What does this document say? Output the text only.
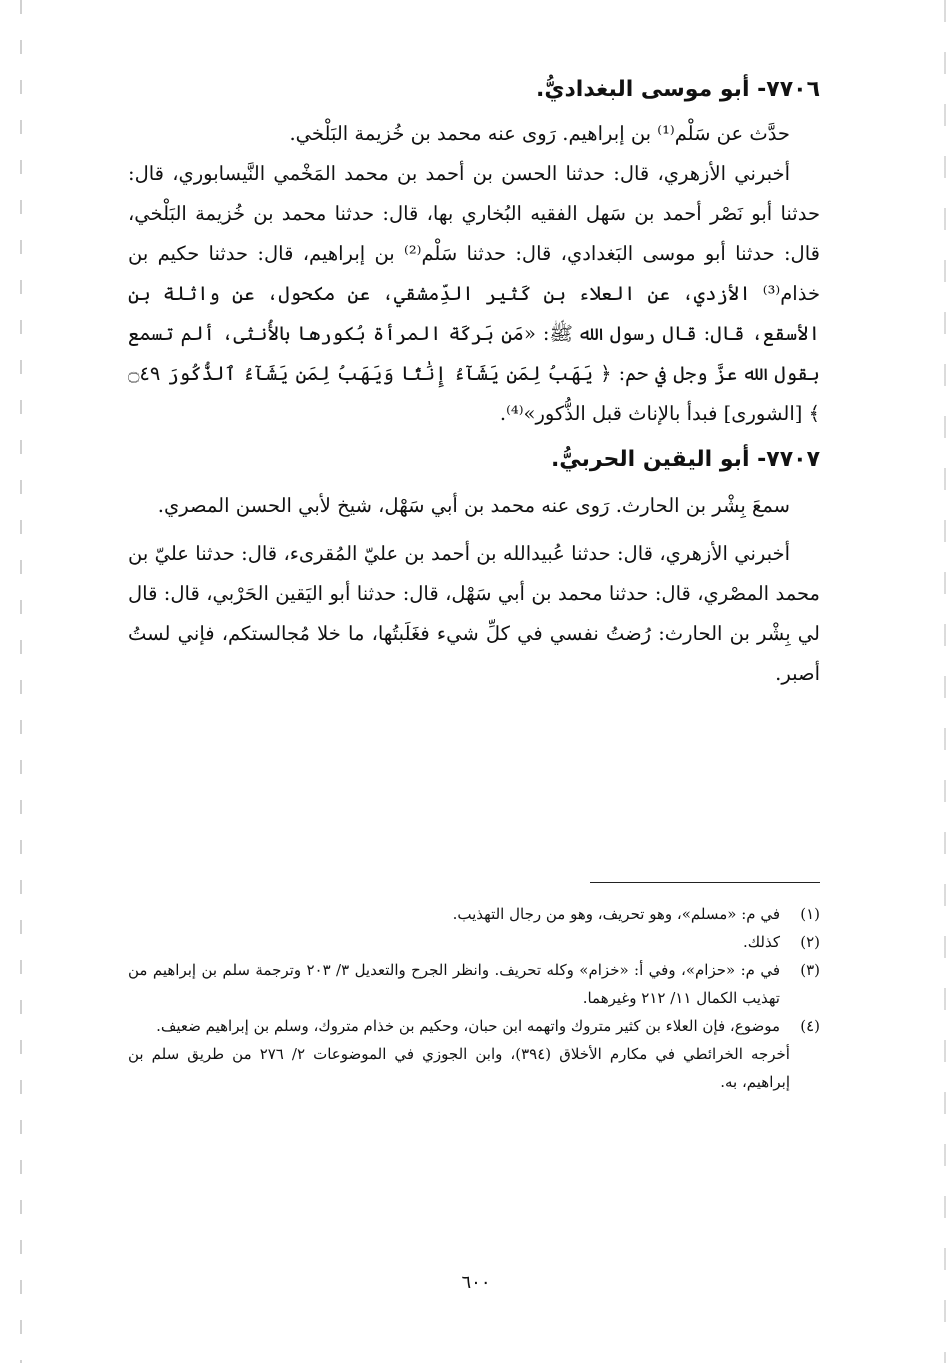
٧٧٠٦- أبو موسى البغداديُّ.

حدَّث عن سَلْم⁽¹⁾ بن إبراهيم. رَوى عنه محمد بن خُزيمة البَلْخي.

أخبرني الأزهري، قال: حدثنا الحسن بن أحمد بن محمد المَخْمي النَّيسابوري، قال: حدثنا أبو نَصْر أحمد بن سَهل الفقيه البُخاري بها، قال: حدثنا محمد بن خُزيمة البَلْخي، قال: حدثنا أبو موسى البَغدادي، قال: حدثنا سَلْم⁽²⁾ بن إبراهيم، قال: حدثنا حكيم بن خذام⁽³⁾ الأزدي، عن العلاء بن كَثير الدِّمشقي، عن مكحول، عن واثلة بن الأسقع، قال: قال رسول الله ﷺ: «مَن بَركَة المرأة بُكورها بالأُنثى، ألم تسمع بقول الله عزَّ وجل في حم: ﴿ يَهَبُ لِمَن يَشَآءُ إِنَٰثًا وَيَهَبُ لِمَن يَشَآءُ ٱلذُّكُورَ ۝٤٩ ﴾ [الشورى] فبدأ بالإناث قبل الذُّكور»⁽⁴⁾.

٧٧٠٧- أبو اليقين الحربيُّ.

سمعَ بِشْر بن الحارث. رَوى عنه محمد بن أبي سَهْل، شيخ لأبي الحسن المصري.

أخبرني الأزهري، قال: حدثنا عُبيدالله بن أحمد بن عليّ المُقرىء، قال: حدثنا عليّ بن محمد المصْري، قال: حدثنا محمد بن أبي سَهْل، قال: حدثنا أبو اليَقين الحَرْبي، قال: قال لي بِشْر بن الحارث: رُضتُ نفسي في كلِّ شيء فغَلَبتُها، ما خلا مُجالستكم، فإني لستُ أصبر.

(١)
في م: «مسلم»، وهو تحريف، وهو من رجال التهذيب.
(٢)
كذلك.
(٣)
في م: «حزام»، وفي أ: «خزام» وكله تحريف. وانظر الجرح والتعديل ٣/ ٢٠٣ وترجمة سلم بن إبراهيم من تهذيب الكمال ١١/ ٢١٢ وغيرهما.
(٤)
موضوع، فإن العلاء بن كثير متروك واتهمه ابن حبان، وحكيم بن خذام متروك، وسلم بن إبراهيم ضعيف.

أخرجه الخرائطي في مكارم الأخلاق (٣٩٤)، وابن الجوزي في الموضوعات ٢/ ٢٧٦ من طريق سلم بن إبراهيم، به.

٦٠٠
